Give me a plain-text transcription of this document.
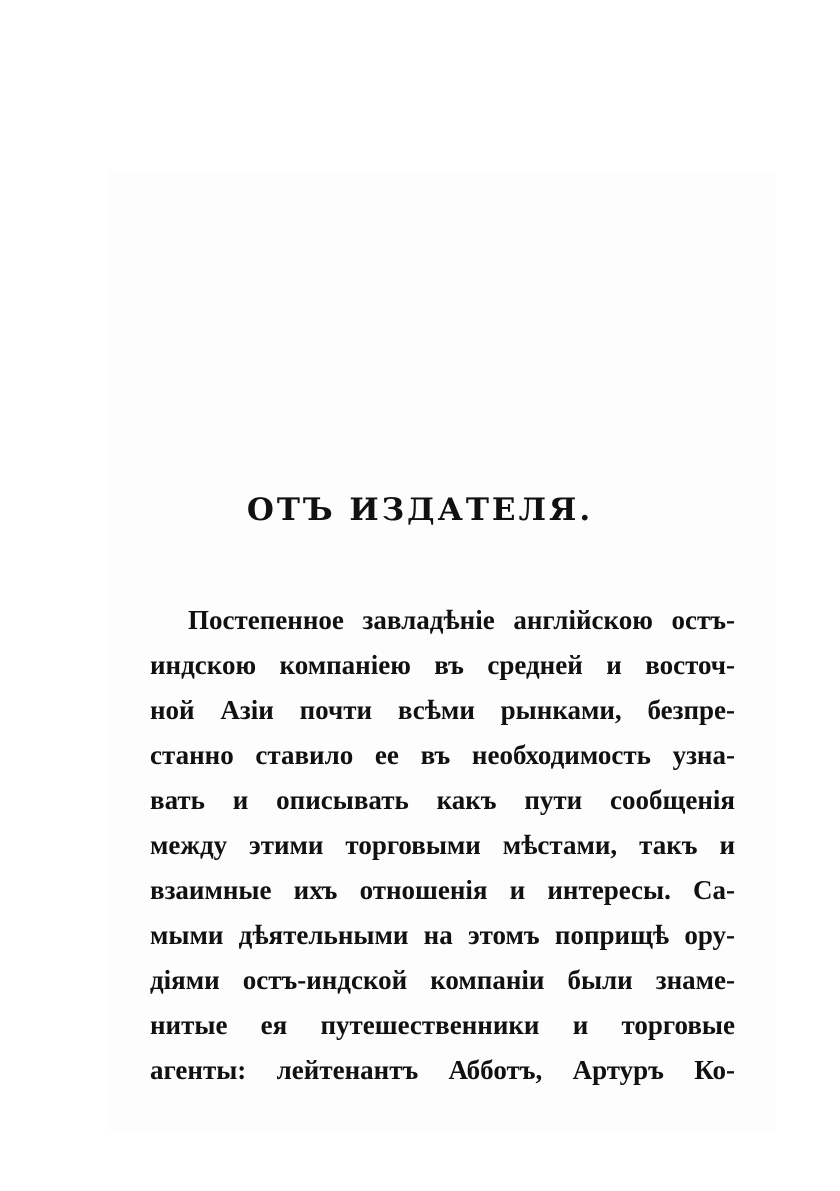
ОТЪ ИЗДАТЕЛЯ.
Постепенное завладѣніе англійскою остъ-
индскою компаніею въ средней и восточ-
ной Азіи почти всѣми рынками, безпре-
станно ставило ее въ необходимость узна-
вать и описывать какъ пути сообщенія
между этими торговыми мѣстами, такъ и
взаимные ихъ отношенія и интересы. Са-
мыми дѣятельными на этомъ поприщѣ ору-
діями остъ-индской компаніи были знаме-
нитые ея путешественники и торговые
агенты: лейтенантъ Абботъ, Артуръ Ко-
